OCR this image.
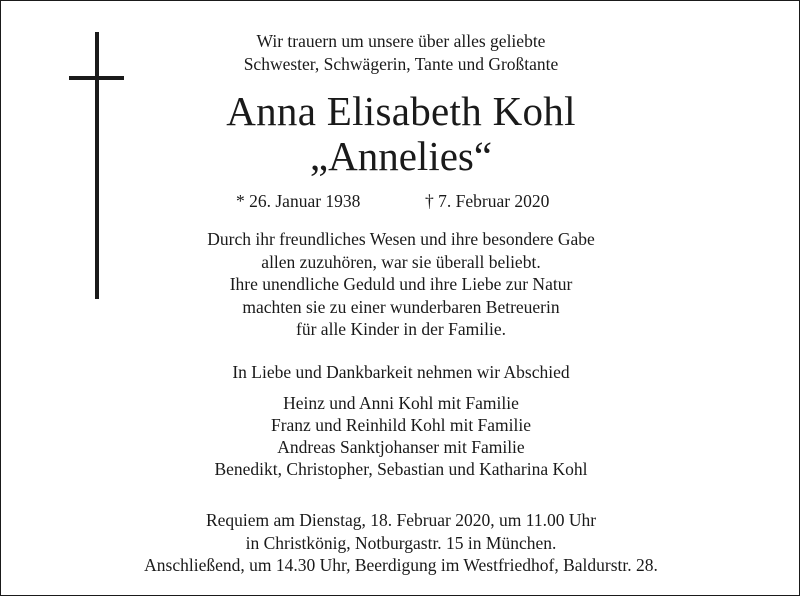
Wir trauern um unsere über alles geliebte
Schwester, Schwägerin, Tante und Großtante
Anna Elisabeth Kohl
„Annelies“
* 26. Januar 1938	† 7. Februar 2020
Durch ihr freundliches Wesen und ihre besondere Gabe
allen zuzuhören, war sie überall beliebt.
Ihre unendliche Geduld und ihre Liebe zur Natur
machten sie zu einer wunderbaren Betreuerin
für alle Kinder in der Familie.
In Liebe und Dankbarkeit nehmen wir Abschied
Heinz und Anni Kohl mit Familie
Franz und Reinhild Kohl mit Familie
Andreas Sanktjohanser mit Familie
Benedikt, Christopher, Sebastian und Katharina Kohl
Requiem am Dienstag, 18. Februar 2020, um 11.00 Uhr
in Christkönig, Notburgastr. 15 in München.
Anschließend, um 14.30 Uhr, Beerdigung im Westfriedhof, Baldurstr. 28.
